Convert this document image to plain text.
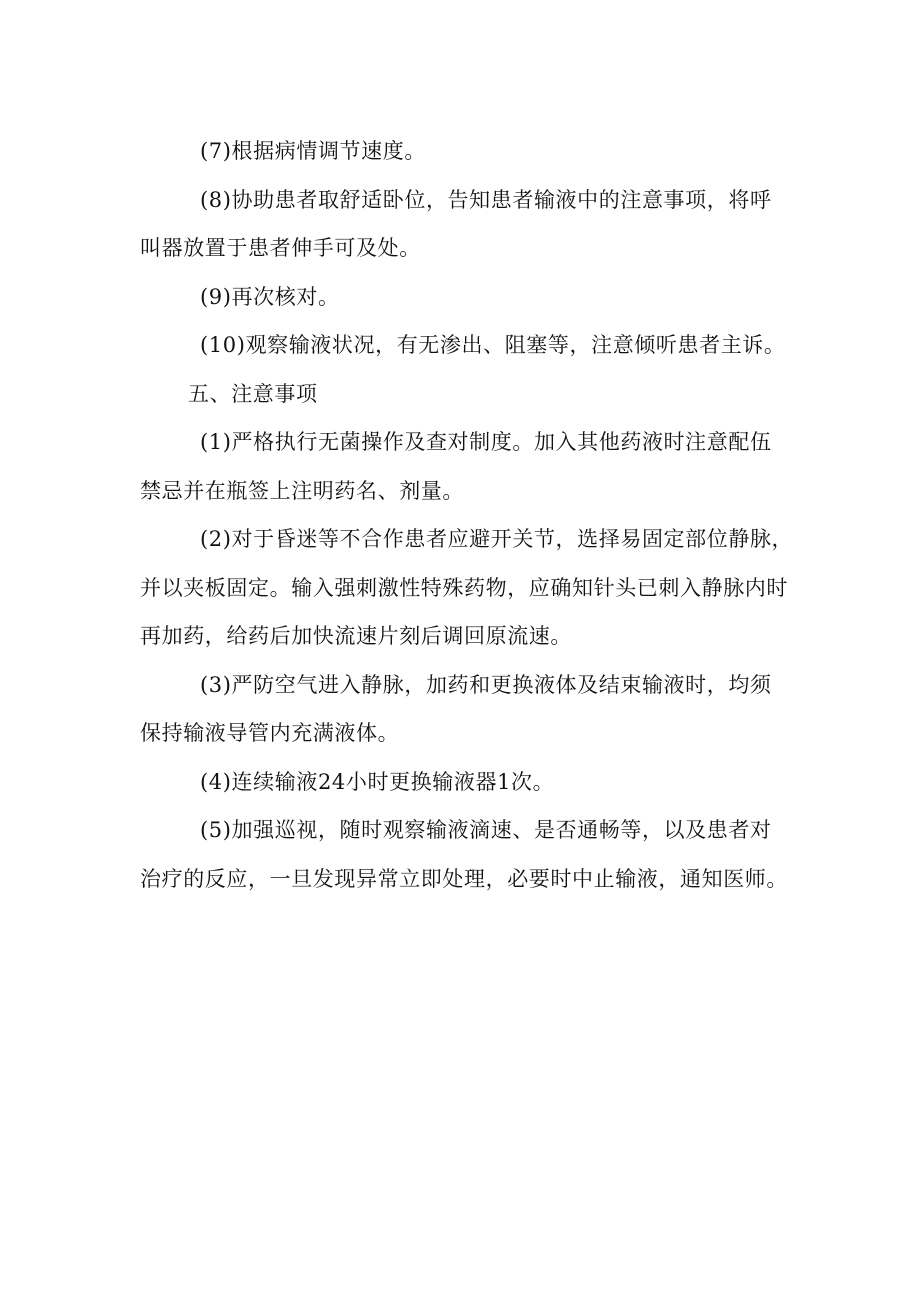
(7)根据病情调节速度。
(8)协助患者取舒适卧位，告知患者输液中的注意事项，将呼
叫器放置于患者伸手可及处。
(9)再次核对。
(10)观察输液状况，有无渗出、阻塞等，注意倾听患者主诉。
五、注意事项
(1)严格执行无菌操作及查对制度。加入其他药液时注意配伍
禁忌并在瓶签上注明药名、剂量。
(2)对于昏迷等不合作患者应避开关节，选择易固定部位静脉，
并以夹板固定。输入强刺激性特殊药物，应确知针头已刺入静脉内时
再加药，给药后加快流速片刻后调回原流速。
(3)严防空气进入静脉，加药和更换液体及结束输液时，均须
保持输液导管内充满液体。
(4)连续输液24小时更换输液器1次。
(5)加强巡视，随时观察输液滴速、是否通畅等，以及患者对
治疗的反应，一旦发现异常立即处理，必要时中止输液，通知医师。
